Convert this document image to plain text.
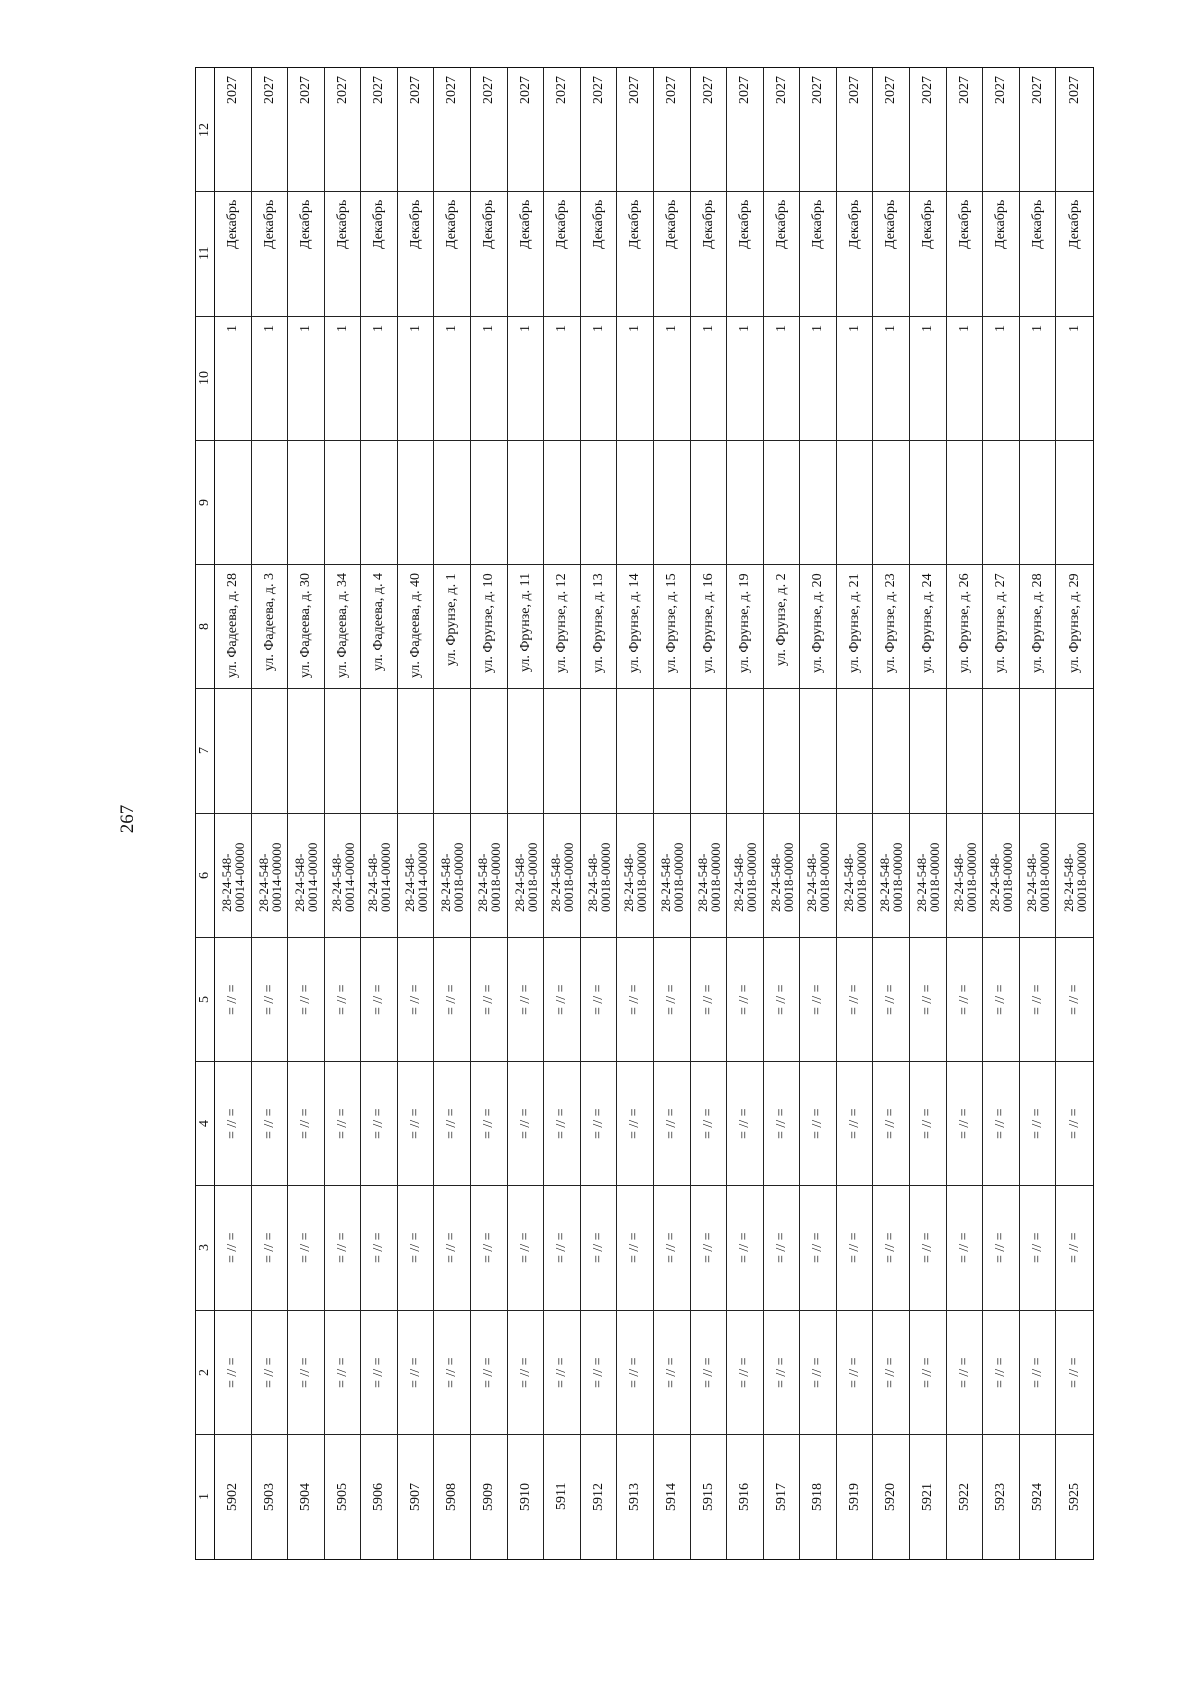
267
1 5902 5903 5904 5905 5906 5907 5908 5909 5910 5911 5912 5913 5914 5915 5916 5917 5918 5919 5920 5921 5922 5923 5924 5925
2 = // = = // = = // = = // = = // = = // = = // = = // = = // = = // = = // = = // = = // = = // = = // = = // = = // = = // = = // = = // = = // = = // = = // = = // =
3 = // = = // = = // = = // = = // = = // = = // = = // = = // = = // = = // = = // = = // = = // = = // = = // = = // = = // = = // = = // = = // = = // = = // = = // =
4 = // = = // = = // = = // = = // = = // = = // = = // = = // = = // = = // = = // = = // = = // = = // = = // = = // = = // = = // = = // = = // = = // = = // = = // =
5 = // = = // = = // = = // = = // = = // = = // = = // = = // = = // = = // = = // = = // = = // = = // = = // = = // = = // = = // = = // = = // = = // = = // = = // =
6 28-24-548-00014-00000 28-24-548-00014-00000 28-24-548-00014-00000 28-24-548-00014-00000 28-24-548-00014-00000 28-24-548-00014-00000 28-24-548-00018-00000 28-24-548-00018-00000 28-24-548-00018-00000 28-24-548-00018-00000 28-24-548-00018-00000 28-24-548-00018-00000 28-24-548-00018-00000 28-24-548-00018-00000 28-24-548-00018-00000 28-24-548-00018-00000 28-24-548-00018-00000 28-24-548-00018-00000 28-24-548-00018-00000 28-24-548-00018-00000 28-24-548-00018-00000 28-24-548-00018-00000 28-24-548-00018-00000 28-24-548-00018-00000
7
8 ул. Фадеева, д. 28 ул. Фадеева, д. 3 ул. Фадеева, д. 30 ул. Фадеева, д. 34 ул. Фадеева, д. 4 ул. Фадеева, д. 40 ул. Фрунзе, д. 1 ул. Фрунзе, д. 10 ул. Фрунзе, д. 11 ул. Фрунзе, д. 12 ул. Фрунзе, д. 13 ул. Фрунзе, д. 14 ул. Фрунзе, д. 15 ул. Фрунзе, д. 16 ул. Фрунзе, д. 19 ул. Фрунзе, д. 2 ул. Фрунзе, д. 20 ул. Фрунзе, д. 21 ул. Фрунзе, д. 23 ул. Фрунзе, д. 24 ул. Фрунзе, д. 26 ул. Фрунзе, д. 27 ул. Фрунзе, д. 28 ул. Фрунзе, д. 29
9
10
1 1 1 1 1 1 1 1 1 1 1 1 1 1 1 1 1 1 1 1 1 1 1 1
11
Декабрь Декабрь Декабрь Декабрь Декабрь Декабрь Декабрь Декабрь Декабрь Декабрь Декабрь Декабрь Декабрь Декабрь Декабрь Декабрь Декабрь Декабрь Декабрь Декабрь Декабрь Декабрь Декабрь Декабрь
12
2027 2027 2027 2027 2027 2027 2027 2027 2027 2027 2027 2027 2027 2027 2027 2027 2027 2027 2027 2027 2027 2027 2027 2027
